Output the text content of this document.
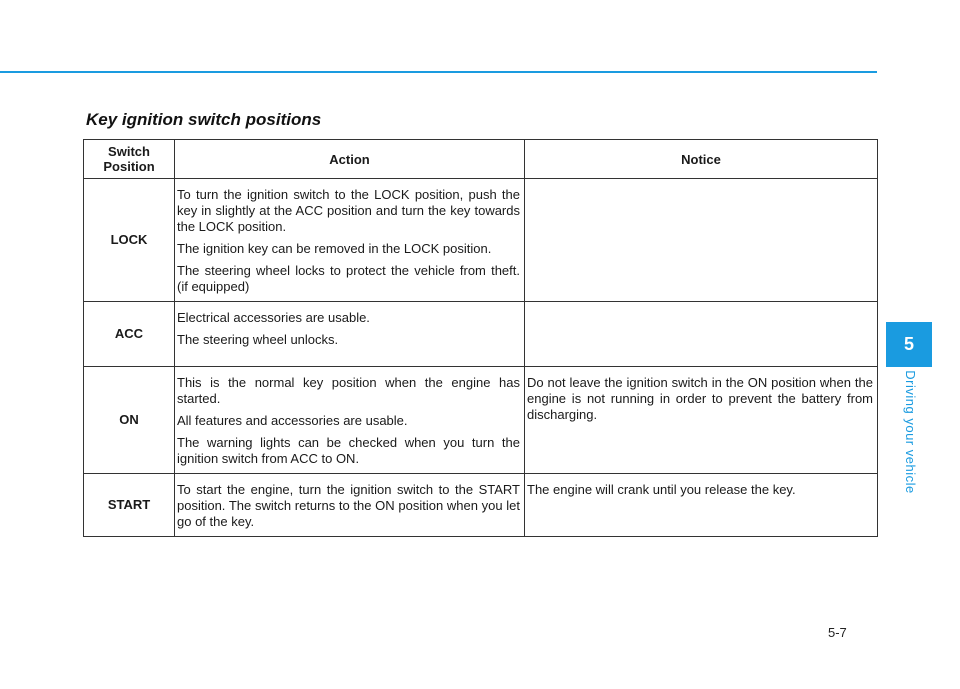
Key ignition switch positions
Switch Position	Action	Notice
LOCK	To turn the ignition switch to the LOCK position, push the key in slightly at the ACC position and turn the key towards the LOCK position.

The ignition key can be removed in the LOCK position.

The steering wheel locks to protect the vehicle from theft. (if equipped)	

ACC	Electrical accessories are usable.

The steering wheel unlocks.	

ON	This is the normal key position when the engine has started.

All features and accessories are usable.

The warning lights can be checked when you turn the ignition switch from ACC to ON.	Do not leave the ignition switch in the ON position when the engine is not running in order to prevent the battery from discharging.
START	To start the engine, turn the ignition switch to the START position. The switch returns to the ON position when you let go of the key.	The engine will crank until you release the key.
5
Driving your vehicle
5-7
